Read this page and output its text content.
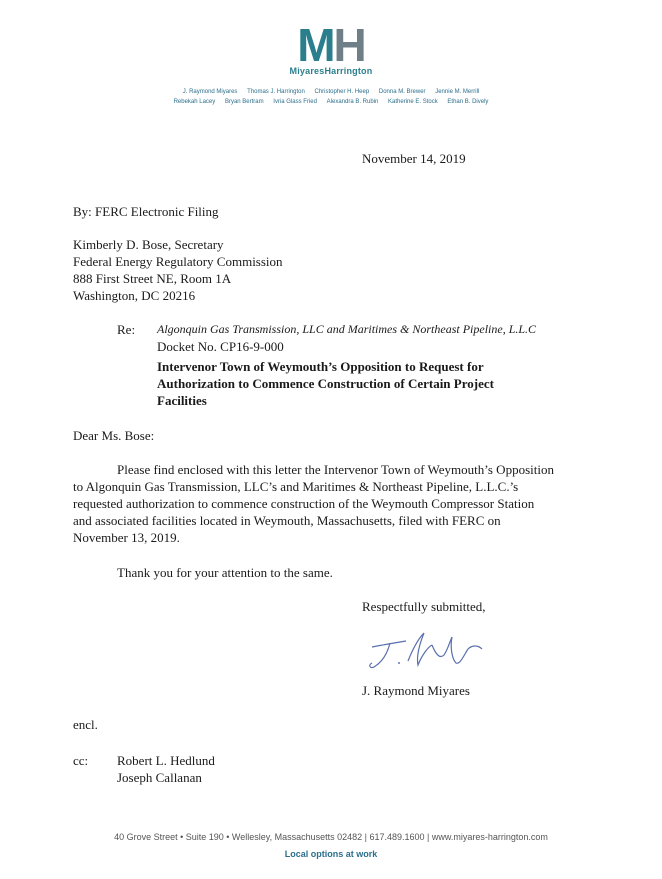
MH
MiyaresHarrington
J. Raymond Miyares Thomas J. Harrington Christopher H. Heep Donna M. Brewer Jennie M. Merrill
Rebekah Lacey Bryan Bertram Ivria Glass Fried Alexandra B. Rubin Katherine E. Stock Ethan B. Dively
November 14, 2019
By: FERC Electronic Filing
Kimberly D. Bose, Secretary
Federal Energy Regulatory Commission
888 First Street NE, Room 1A
Washington, DC 20216
Re: Algonquin Gas Transmission, LLC and Maritimes & Northeast Pipeline, L.L.C
Docket No. CP16-9-000
Intervenor Town of Weymouth’s Opposition to Request for
Authorization to Commence Construction of Certain Project
Facilities
Dear Ms. Bose:
Please find enclosed with this letter the Intervenor Town of Weymouth’s Opposition to Algonquin Gas Transmission, LLC’s and Maritimes & Northeast Pipeline, L.L.C.’s requested authorization to commence construction of the Weymouth Compressor Station and associated facilities located in Weymouth, Massachusetts, filed with FERC on November 13, 2019.
Thank you for your attention to the same.
Respectfully submitted,
J. Raymond Miyares
encl.
cc: Robert L. Hedlund
Joseph Callanan
40 Grove Street • Suite 190 • Wellesley, Massachusetts 02482 | 617.489.1600 | www.miyares-harrington.com
Local options at work
